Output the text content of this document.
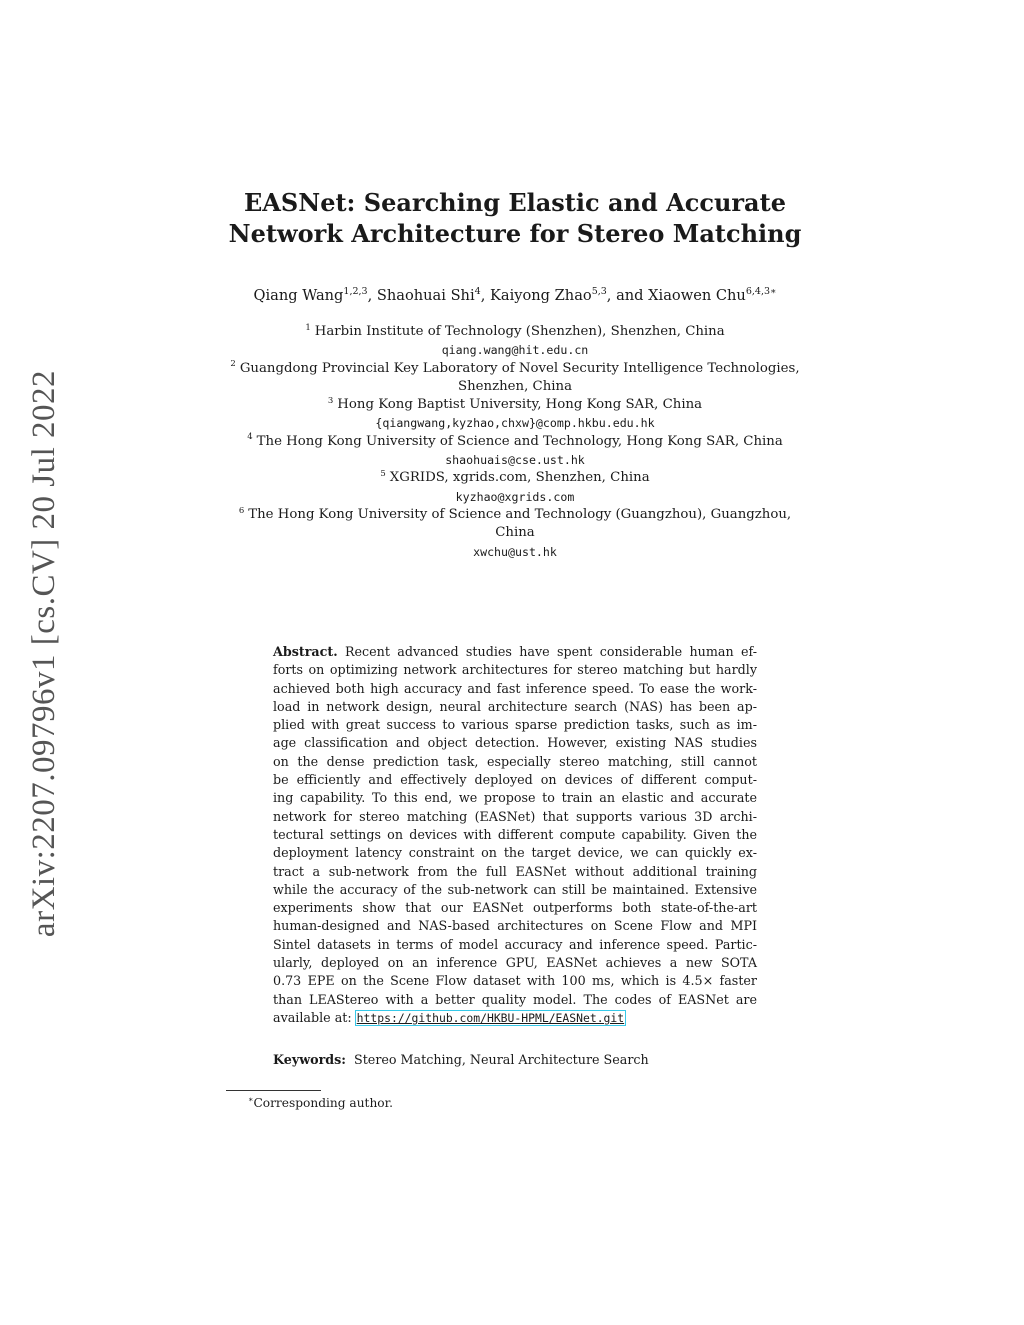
arXiv:2207.09796v1 [cs.CV] 20 Jul 2022
EASNet: Searching Elastic and Accurate
Network Architecture for Stereo Matching
Qiang Wang$^{1,2,3}$, Shaohuai Shi$^4$, Kaiyong Zhao$^{5,3}$, and Xiaowen Chu$^{6,4,3∗}$
$^1$ Harbin Institute of Technology (Shenzhen), Shenzhen, China
qiang.wang@hit.edu.cn
$^2$ Guangdong Provincial Key Laboratory of Novel Security Intelligence Technologies,
Shenzhen, China
$^3$ Hong Kong Baptist University, Hong Kong SAR, China
{qiangwang,kyzhao,chxw}@comp.hkbu.edu.hk
$^4$ The Hong Kong University of Science and Technology, Hong Kong SAR, China
shaohuais@cse.ust.hk
$^5$ XGRIDS, xgrids.com, Shenzhen, China
kyzhao@xgrids.com
$^6$ The Hong Kong University of Science and Technology (Guangzhou), Guangzhou,
China
xwchu@ust.hk
Abstract. Recent advanced studies have spent considerable human ef-
forts on optimizing network architectures for stereo matching but hardly
achieved both high accuracy and fast inference speed. To ease the work-
load in network design, neural architecture search (NAS) has been ap-
plied with great success to various sparse prediction tasks, such as im-
age classification and object detection. However, existing NAS studies
on the dense prediction task, especially stereo matching, still cannot
be efficiently and effectively deployed on devices of different comput-
ing capability. To this end, we propose to train an elastic and accurate
network for stereo matching (EASNet) that supports various 3D archi-
tectural settings on devices with different compute capability. Given the
deployment latency constraint on the target device, we can quickly ex-
tract a sub-network from the full EASNet without additional training
while the accuracy of the sub-network can still be maintained. Extensive
experiments show that our EASNet outperforms both state-of-the-art
human-designed and NAS-based architectures on Scene Flow and MPI
Sintel datasets in terms of model accuracy and inference speed. Partic-
ularly, deployed on an inference GPU, EASNet achieves a new SOTA
0.73 EPE on the Scene Flow dataset with 100 ms, which is 4.5× faster
than LEAStereo with a better quality model. The codes of EASNet are
available at: https://github.com/HKBU-HPML/EASNet.git
Keywords: Stereo Matching, Neural Architecture Search
∗Corresponding author.
